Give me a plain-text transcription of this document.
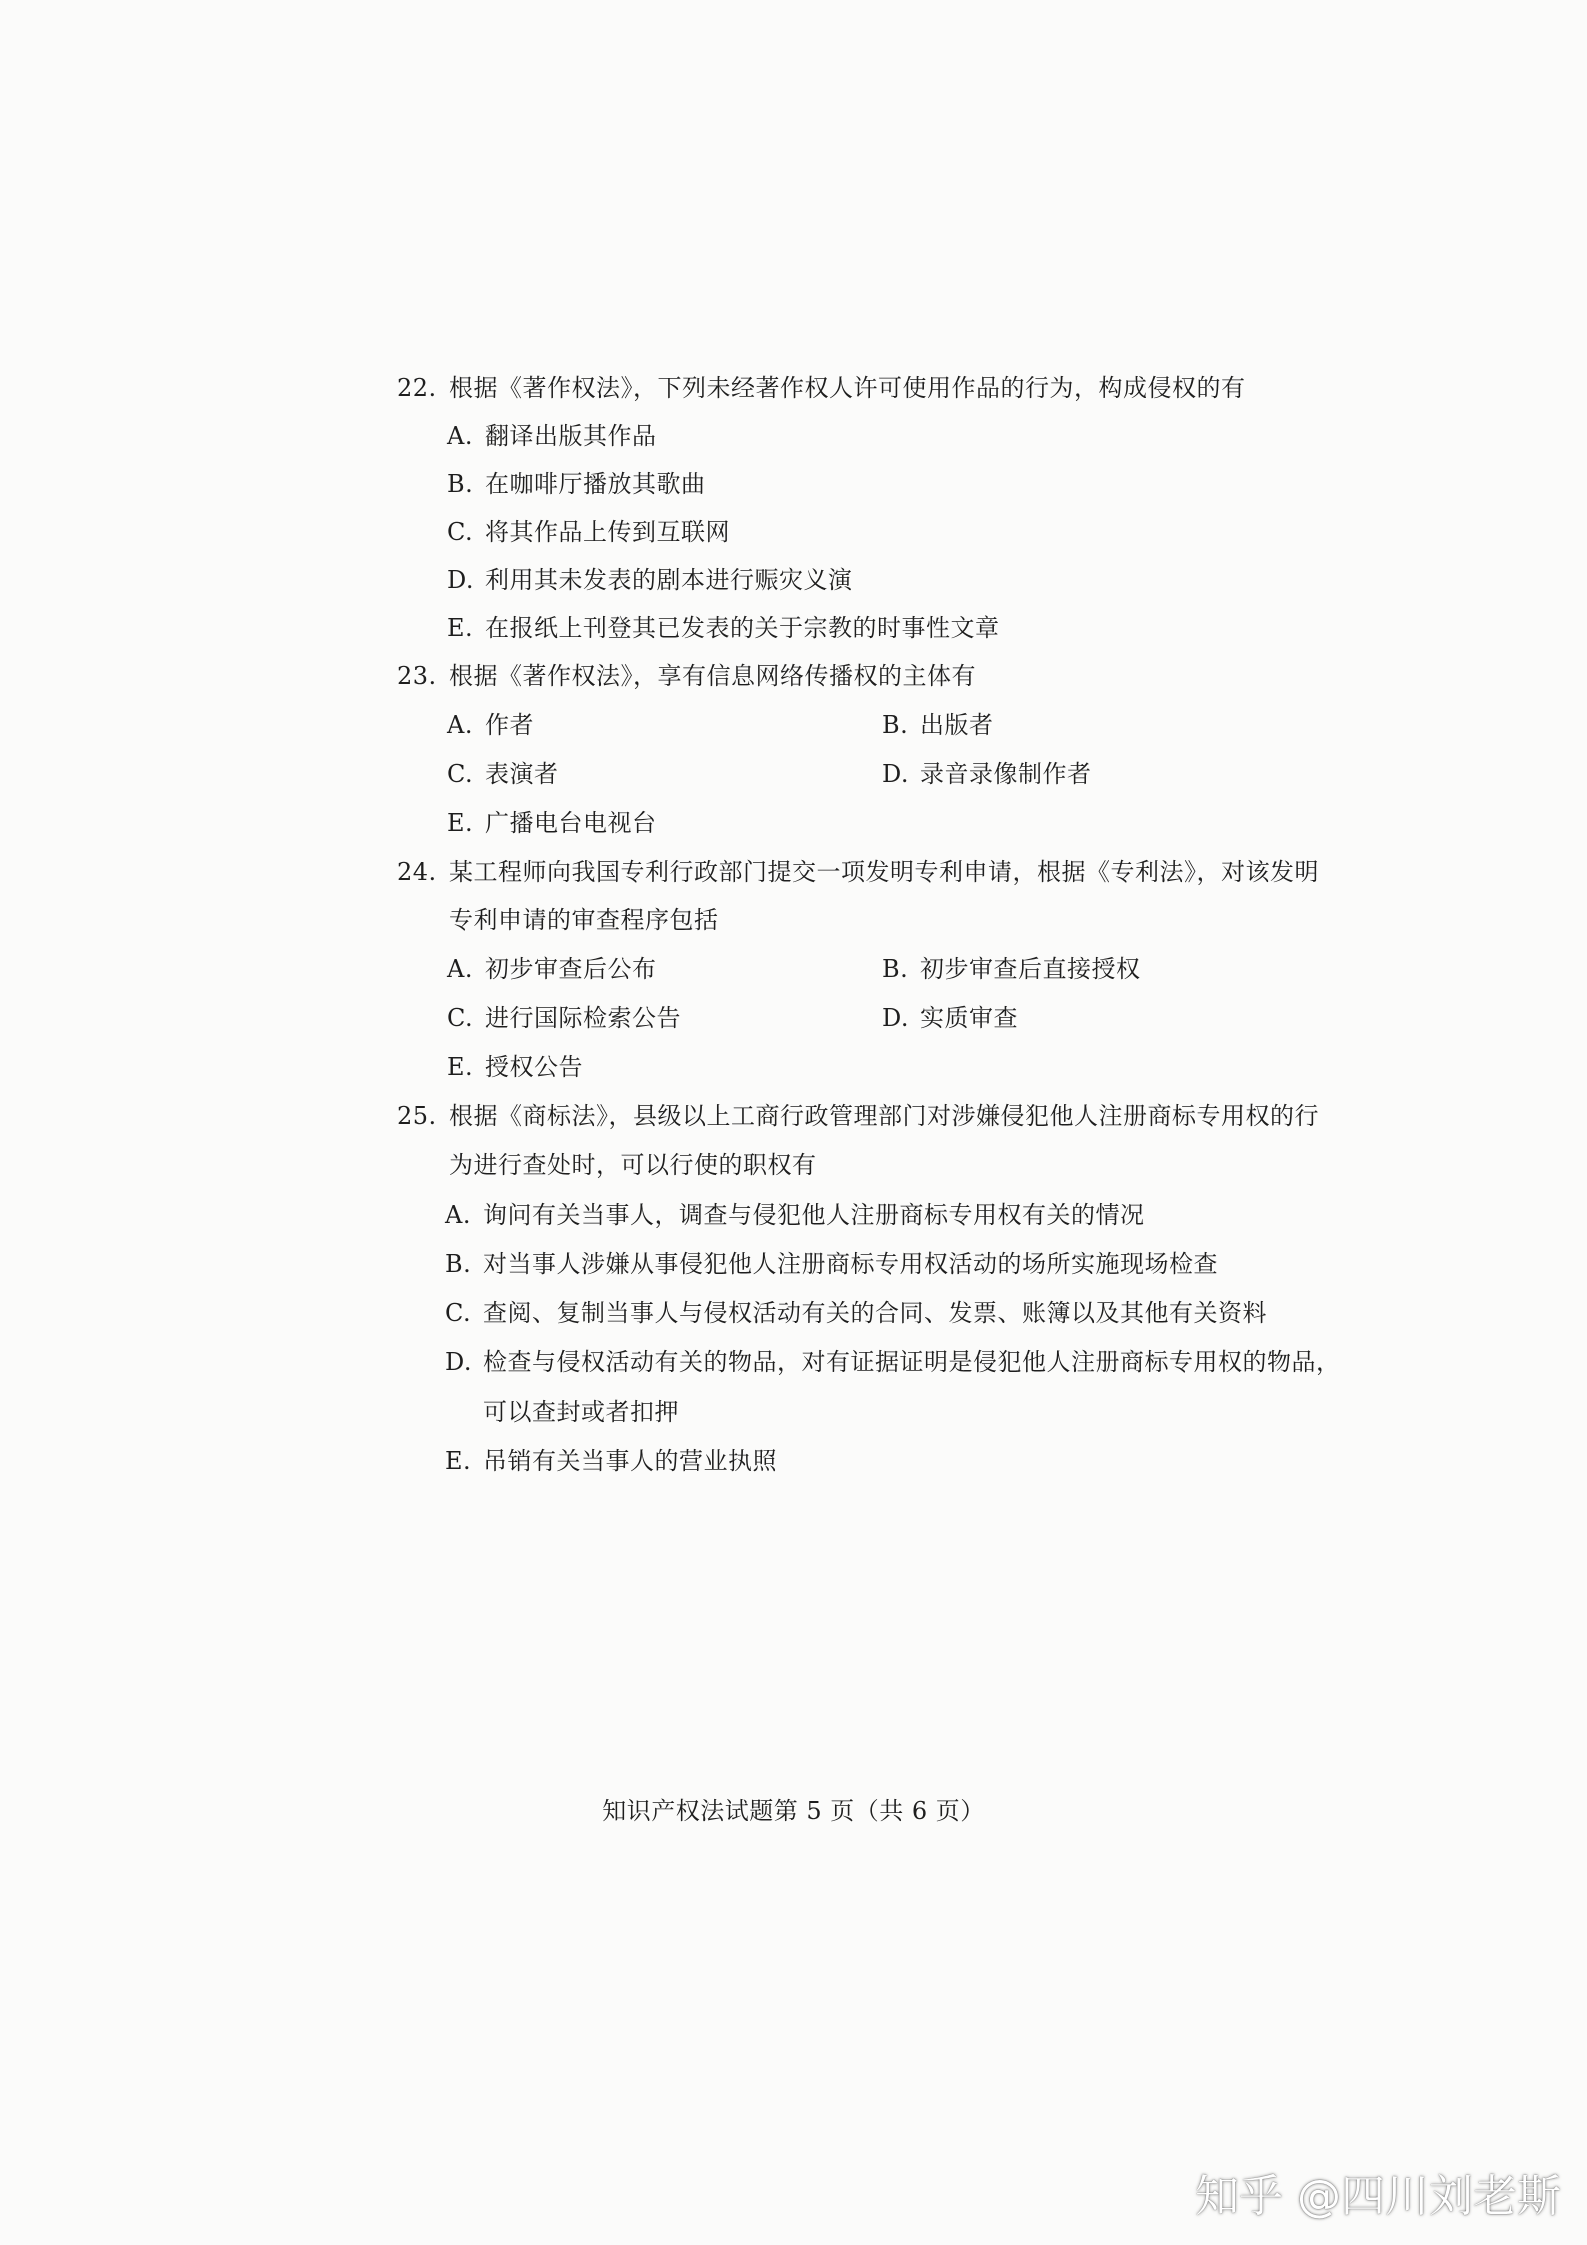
22. 根据《著作权法》，下列未经著作权人许可使用作品的行为，构成侵权的有
A. 翻译出版其作品
B. 在咖啡厅播放其歌曲
C. 将其作品上传到互联网
D. 利用其未发表的剧本进行赈灾义演
E. 在报纸上刊登其已发表的关于宗教的时事性文章
23. 根据《著作权法》，享有信息网络传播权的主体有
A. 作者	B. 出版者
C. 表演者	D. 录音录像制作者
E. 广播电台电视台
24. 某工程师向我国专利行政部门提交一项发明专利申请，根据《专利法》，对该发明
专利申请的审查程序包括
A. 初步审查后公布	B. 初步审查后直接授权
C. 进行国际检索公告	D. 实质审查
E. 授权公告
25. 根据《商标法》，县级以上工商行政管理部门对涉嫌侵犯他人注册商标专用权的行
为进行查处时，可以行使的职权有
A. 询问有关当事人，调查与侵犯他人注册商标专用权有关的情况
B. 对当事人涉嫌从事侵犯他人注册商标专用权活动的场所实施现场检查
C. 查阅、复制当事人与侵权活动有关的合同、发票、账簿以及其他有关资料
D. 检查与侵权活动有关的物品，对有证据证明是侵犯他人注册商标专用权的物品，
可以查封或者扣押
E. 吊销有关当事人的营业执照
知识产权法试题第 5 页（共 6 页）
知乎 @四川刘老斯
